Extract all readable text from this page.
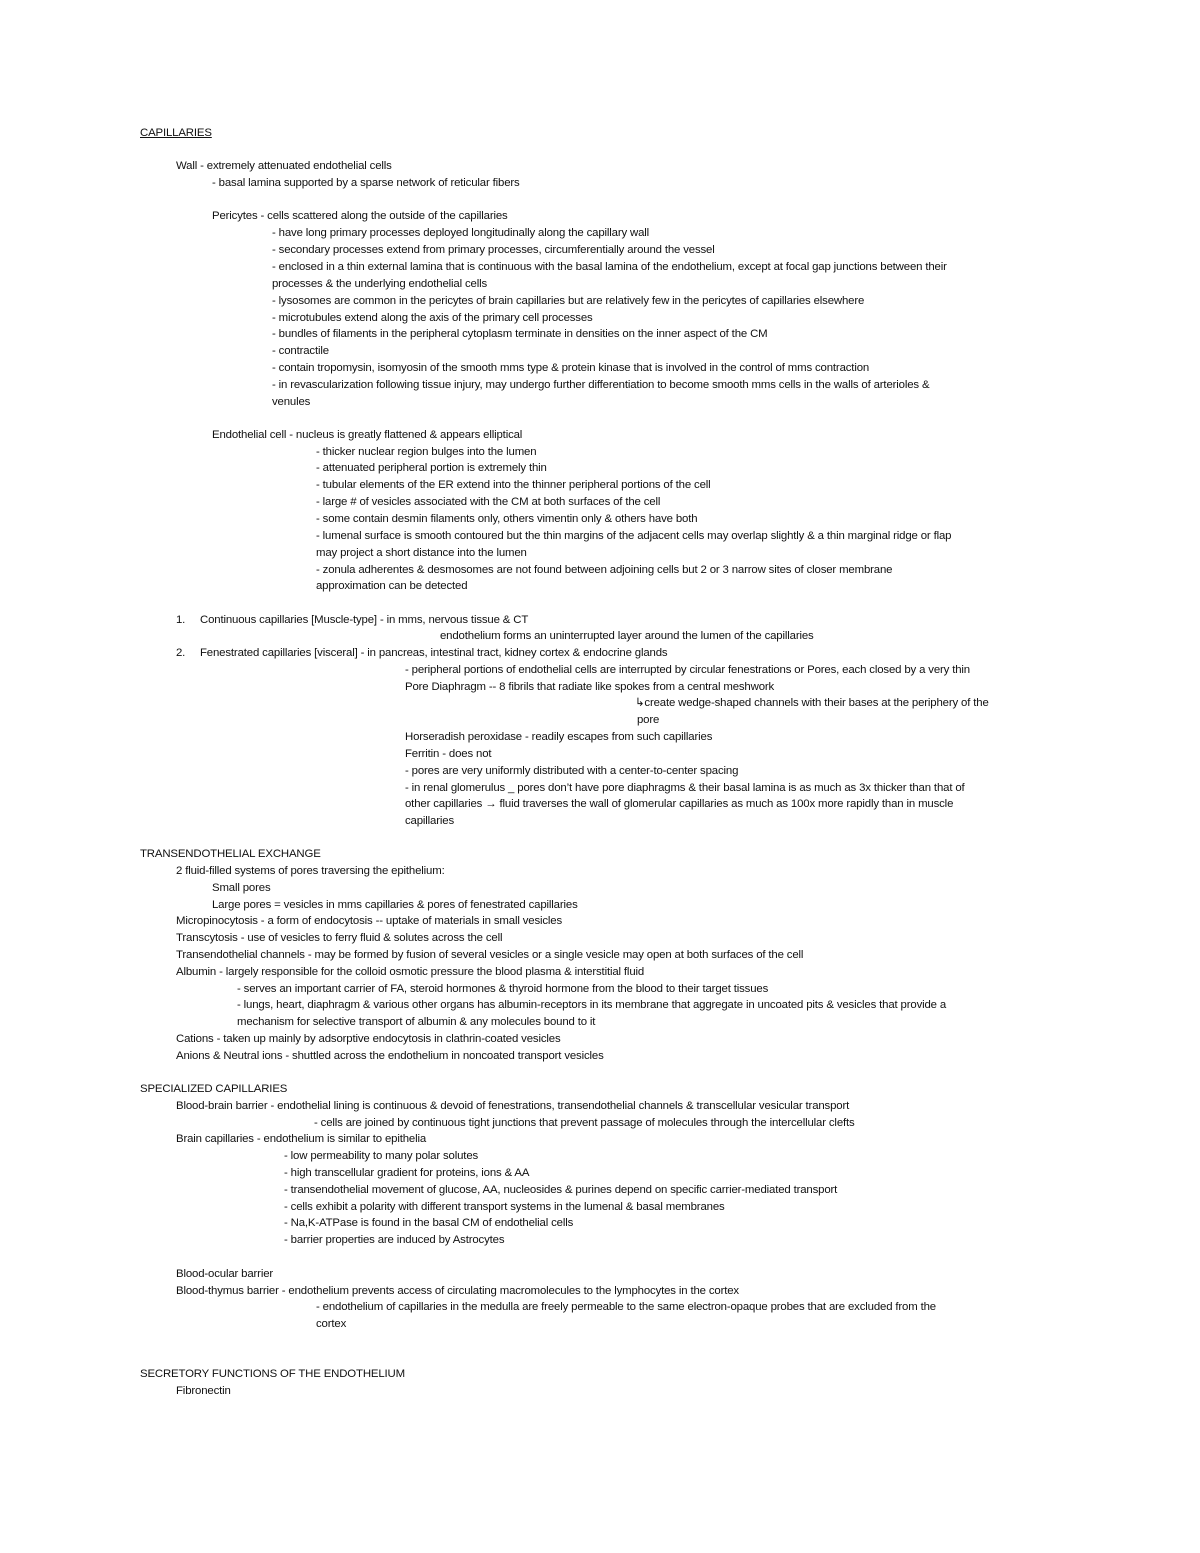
CAPILLARIES
Wall - extremely attenuated endothelial cells
- basal lamina supported by a sparse network of reticular fibers
Pericytes - cells scattered along the outside of the capillaries
- have long primary processes deployed longitudinally along the capillary wall
- secondary processes extend from primary processes, circumferentially around the vessel
- enclosed in a thin external lamina that is continuous with the basal lamina of the endothelium, except at focal gap junctions between their
processes & the underlying endothelial cells
- lysosomes are common in the pericytes of brain capillaries but are relatively few in the pericytes of capillaries elsewhere
- microtubules extend along the axis of the primary cell processes
- bundles of filaments in the peripheral cytoplasm terminate in densities on the inner aspect of the CM
- contractile
- contain tropomysin, isomyosin of the smooth mms type & protein kinase that is involved in the control of mms contraction
- in revascularization following tissue injury, may undergo further differentiation to become smooth mms cells in the walls of arterioles &
venules
Endothelial cell - nucleus is greatly flattened & appears elliptical
- thicker nuclear region bulges into the lumen
- attenuated peripheral portion is extremely thin
- tubular elements of the ER extend into the thinner peripheral portions of the cell
- large # of vesicles associated with the CM at both surfaces of the cell
- some contain desmin filaments only, others vimentin only & others have both
- lumenal surface is smooth contoured but the thin margins of the adjacent cells may overlap slightly & a thin marginal ridge or flap
may project a short distance into the lumen
- zonula adherentes & desmosomes are not found between adjoining cells but 2 or 3 narrow sites of closer membrane
approximation can be detected
1. Continuous capillaries [Muscle-type] - in mms, nervous tissue & CT
endothelium forms an uninterrupted layer around the lumen of the capillaries
2. Fenestrated capillaries [visceral] - in pancreas, intestinal tract, kidney cortex & endocrine glands
- peripheral portions of endothelial cells are interrupted by circular fenestrations or Pores, each closed by a very thin
Pore Diaphragm -- 8 fibrils that radiate like spokes from a central meshwork
↳create wedge-shaped channels with their bases at the periphery of the
pore
Horseradish peroxidase - readily escapes from such capillaries
Ferritin - does not
- pores are very uniformly distributed with a center-to-center spacing
- in renal glomerulus _ pores don’t have pore diaphragms & their basal lamina is as much as 3x thicker than that of
other capillaries → fluid traverses the wall of glomerular capillaries as much as 100x more rapidly than in muscle
capillaries
TRANSENDOTHELIAL EXCHANGE
2 fluid-filled systems of pores traversing the epithelium:
Small pores
Large pores = vesicles in mms capillaries & pores of fenestrated capillaries
Micropinocytosis - a form of endocytosis -- uptake of materials in small vesicles
Transcytosis - use of vesicles to ferry fluid & solutes across the cell
Transendothelial channels - may be formed by fusion of several vesicles or a single vesicle may open at both surfaces of the cell
Albumin - largely responsible for the colloid osmotic pressure the blood plasma & interstitial fluid
- serves an important carrier of FA, steroid hormones & thyroid hormone from the blood to their target tissues
- lungs, heart, diaphragm & various other organs has albumin-receptors in its membrane that aggregate in uncoated pits & vesicles that provide a
mechanism for selective transport of albumin & any molecules bound to it
Cations - taken up mainly by adsorptive endocytosis in clathrin-coated vesicles
Anions & Neutral ions - shuttled across the endothelium in noncoated transport vesicles
SPECIALIZED CAPILLARIES
Blood-brain barrier - endothelial lining is continuous & devoid of fenestrations, transendothelial channels & transcellular vesicular transport
- cells are joined by continuous tight junctions that prevent passage of molecules through the intercellular clefts
Brain capillaries - endothelium is similar to epithelia
- low permeability to many polar solutes
- high transcellular gradient for proteins, ions & AA
- transendothelial movement of glucose, AA, nucleosides & purines depend on specific carrier-mediated transport
- cells exhibit a polarity with different transport systems in the lumenal & basal membranes
- Na,K-ATPase is found in the basal CM of endothelial cells
- barrier properties are induced by Astrocytes
Blood-ocular barrier
Blood-thymus barrier - endothelium prevents access of circulating macromolecules to the lymphocytes in the cortex
- endothelium of capillaries in the medulla are freely permeable to the same electron-opaque probes that are excluded from the
cortex
SECRETORY FUNCTIONS OF THE ENDOTHELIUM
Fibronectin
